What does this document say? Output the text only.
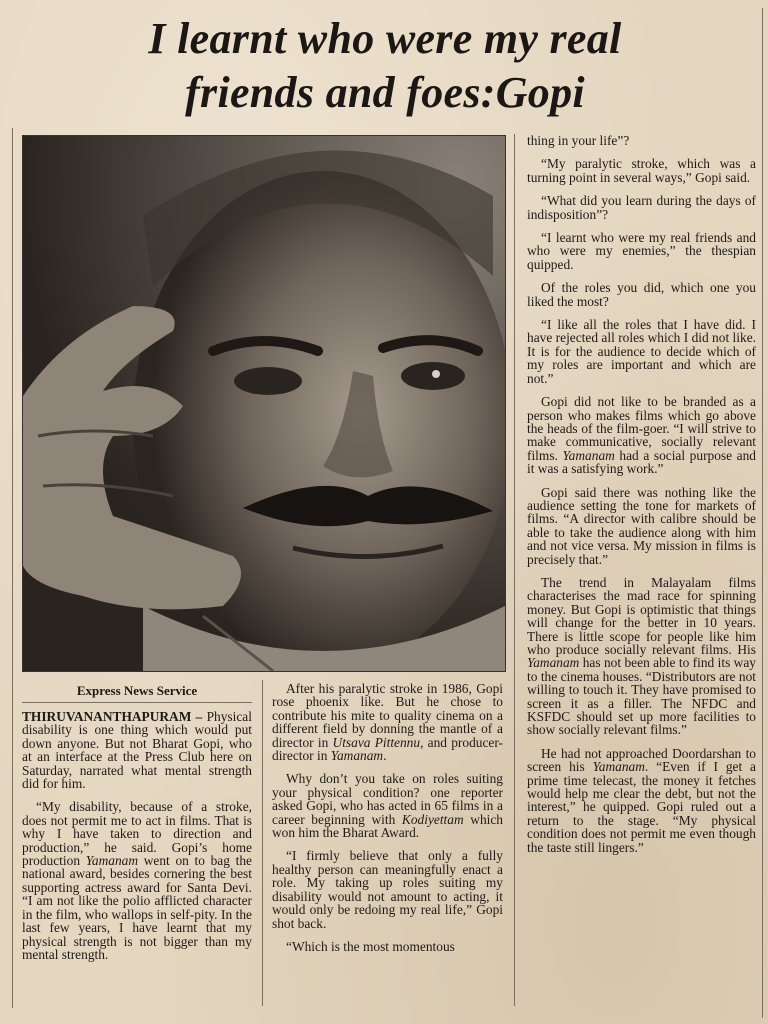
I learnt who were my real
friends and foes:Gopi
Express News Service

THIRUVANANTHAPURAM – Physical disability is one thing which would put down anyone. But not Bharat Gopi, who at an interface at the Press Club here on Saturday, narrated what mental strength did for him.

“My disability, because of a stroke, does not permit me to act in films. That is why I have taken to direction and production,” he said. Gopi’s home production Yamanam went on to bag the national award, besides cornering the best supporting actress award for Santa Devi. “I am not like the polio afflicted character in the film, who wallops in self-pity. In the last few years, I have learnt that my physical strength is not bigger than my mental strength.

After his paralytic stroke in 1986, Gopi rose phoenix like. But he chose to contribute his mite to quality cinema on a different field by donning the mantle of a director in Utsava Pittennu, and producer-director in Yamanam.

Why don’t you take on roles suiting your physical condition? one reporter asked Gopi, who has acted in 65 films in a career beginning with Kodiyettam which won him the Bharat Award.

“I firmly believe that only a fully healthy person can meaningfully enact a role. My taking up roles suiting my disability would not amount to acting, it would only be redoing my real life,” Gopi shot back.

“Which is the most momentous

thing in your life”?

“My paralytic stroke, which was a turning point in several ways,” Gopi said.

“What did you learn during the days of indisposition”?

“I learnt who were my real friends and who were my enemies,” the thespian quipped.

Of the roles you did, which one you liked the most?

“I like all the roles that I have did. I have rejected all roles which I did not like. It is for the audience to decide which of my roles are important and which are not.”

Gopi did not like to be branded as a person who makes films which go above the heads of the film-goer. “I will strive to make communicative, socially relevant films. Yamanam had a social purpose and it was a satisfying work.”

Gopi said there was nothing like the audience setting the tone for markets of films. “A director with calibre should be able to take the audience along with him and not vice versa. My mission in films is precisely that.”

The trend in Malayalam films characterises the mad race for spinning money. But Gopi is optimistic that things will change for the better in 10 years. There is little scope for people like him who produce socially relevant films. His Yamanam has not been able to find its way to the cinema houses. “Distributors are not willing to touch it. They have promised to screen it as a filler. The NFDC and KSFDC should set up more facilities to show socially relevant films.”

He had not approached Doordarshan to screen his Yamanam. “Even if I get a prime time telecast, the money it fetches would help me clear the debt, but not the interest,” he quipped. Gopi ruled out a return to the stage. “My physical condition does not permit me even though the taste still lingers.”
